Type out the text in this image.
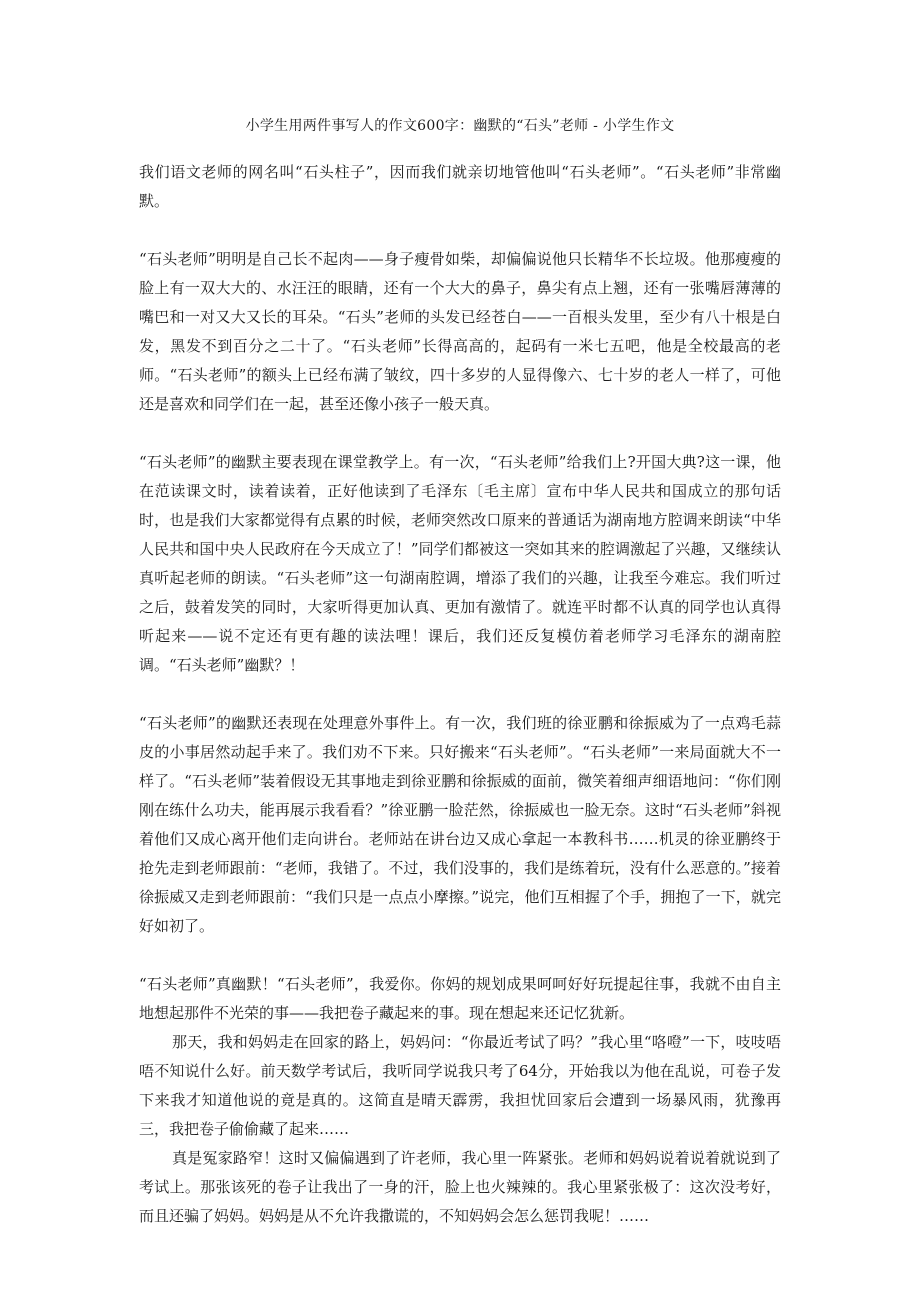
小学生用两件事写人的作文600字：幽默的“石头”老师 - 小学生作文

我们语文老师的网名叫“石头柱子”，因而我们就亲切地管他叫“石头老师”。“石头老师”非常幽默。

“石头老师”明明是自己长不起肉——身子瘦骨如柴，却偏偏说他只长精华不长垃圾。他那瘦瘦的脸上有一双大大的、水汪汪的眼睛，还有一个大大的鼻子，鼻尖有点上翘，还有一张嘴唇薄薄的嘴巴和一对又大又长的耳朵。“石头”老师的头发已经苍白——一百根头发里，至少有八十根是白发，黑发不到百分之二十了。“石头老师”长得高高的，起码有一米七五吧，他是全校最高的老师。“石头老师”的额头上已经布满了皱纹，四十多岁的人显得像六、七十岁的老人一样了，可他还是喜欢和同学们在一起，甚至还像小孩子一般天真。

“石头老师”的幽默主要表现在课堂教学上。有一次，“石头老师”给我们上?开国大典?这一课，他在范读课文时，读着读着，正好他读到了毛泽东〔毛主席〕宣布中华人民共和国成立的那句话时，也是我们大家都觉得有点累的时候，老师突然改口原来的普通话为湖南地方腔调来朗读“中华人民共和国中央人民政府在今天成立了！”同学们都被这一突如其来的腔调激起了兴趣，又继续认真听起老师的朗读。“石头老师”这一句湖南腔调，增添了我们的兴趣，让我至今难忘。我们听过之后，鼓着发笑的同时，大家听得更加认真、更加有激情了。就连平时都不认真的同学也认真得听起来——说不定还有更有趣的读法哩！课后，我们还反复模仿着老师学习毛泽东的湖南腔调。“石头老师”幽默？！

“石头老师”的幽默还表现在处理意外事件上。有一次，我们班的徐亚鹏和徐振威为了一点鸡毛蒜皮的小事居然动起手来了。我们劝不下来。只好搬来“石头老师”。“石头老师”一来局面就大不一样了。“石头老师”装着假设无其事地走到徐亚鹏和徐振威的面前，微笑着细声细语地问：“你们刚刚在练什么功夫，能再展示我看看？”徐亚鹏一脸茫然，徐振威也一脸无奈。这时“石头老师”斜视着他们又成心离开他们走向讲台。老师站在讲台边又成心拿起一本教科书……机灵的徐亚鹏终于抢先走到老师跟前：“老师，我错了。不过，我们没事的，我们是练着玩，没有什么恶意的。”接着徐振威又走到老师跟前：“我们只是一点点小摩擦。”说完，他们互相握了个手，拥抱了一下，就完好如初了。

“石头老师”真幽默！“石头老师”，我爱你。你妈的规划成果呵呵好好玩提起往事，我就不由自主地想起那件不光荣的事——我把卷子藏起来的事。现在想起来还记忆犹新。

那天，我和妈妈走在回家的路上，妈妈问：“你最近考试了吗？”我心里“咯噔”一下，吱吱唔唔不知说什么好。前天数学考试后，我听同学说我只考了64分，开始我以为他在乱说，可卷子发下来我才知道他说的竟是真的。这简直是晴天霹雳，我担忧回家后会遭到一场暴风雨，犹豫再三，我把卷子偷偷藏了起来……

真是冤家路窄！这时又偏偏遇到了许老师，我心里一阵紧张。老师和妈妈说着说着就说到了考试上。那张该死的卷子让我出了一身的汗，脸上也火辣辣的。我心里紧张极了：这次没考好，而且还骗了妈妈。妈妈是从不允许我撒谎的，不知妈妈会怎么惩罚我呢！……
